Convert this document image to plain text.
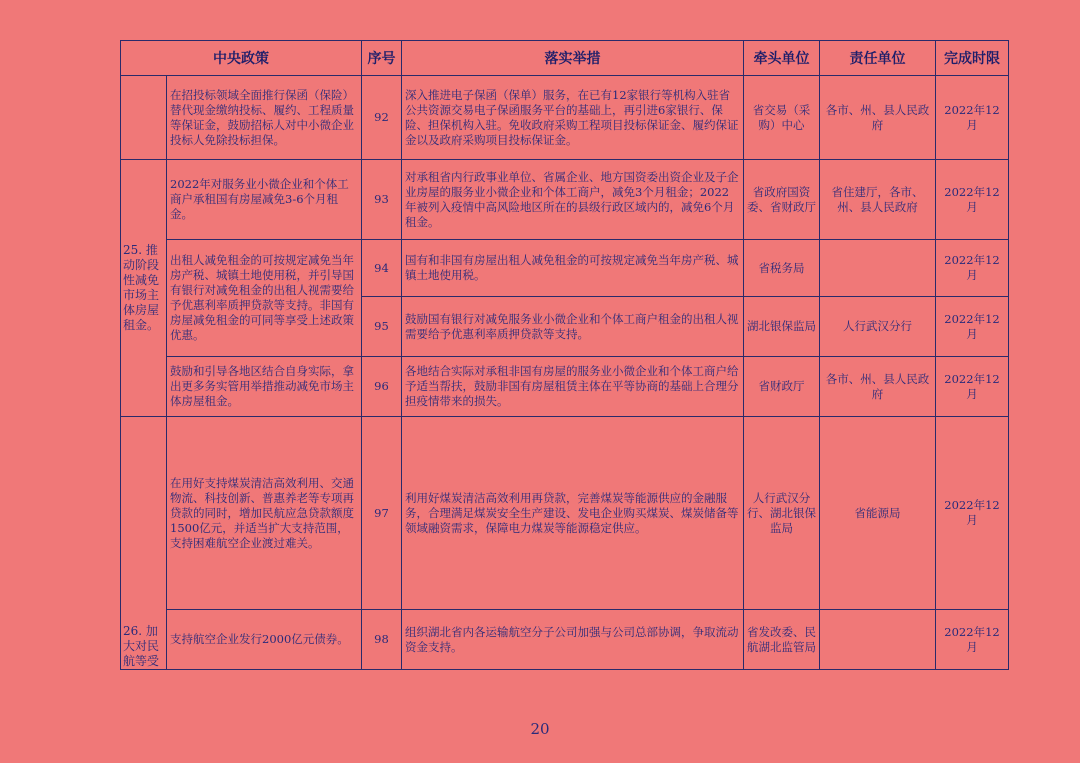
中央政策		序号	落实举措	牵头单位	责任单位	完成时限
	在招投标领域全面推行保函（保险）替代现金缴纳投标、履约、工程质量等保证金，鼓励招标人对中小微企业投标人免除投标担保。	92	深入推进电子保函（保单）服务，在已有12家银行等机构入驻省公共资源交易电子保函服务平台的基础上，再引进6家银行、保险、担保机构入驻。免收政府采购工程项目投标保证金、履约保证金以及政府采购项目投标保证金。	省交易（采购）中心	各市、州、县人民政府	2022年12月
25. 推动阶段性减免市场主体房屋租金。	2022年对服务业小微企业和个体工商户承租国有房屋减免3-6个月租金。	93	对承租省内行政事业单位、省属企业、地方国资委出资企业及子企业房屋的服务业小微企业和个体工商户，减免3个月租金；2022年被列入疫情中高风险地区所在的县级行政区域内的，减免6个月租金。	省政府国资委、省财政厅	省住建厅，各市、州、县人民政府	2022年12月
	出租人减免租金的可按规定减免当年房产税、城镇土地使用税，并引导国有银行对减免租金的出租人视需要给予优惠利率质押贷款等支持。非国有房屋减免租金的可同等享受上述政策优惠。	94	国有和非国有房屋出租人减免租金的可按规定减免当年房产税、城镇土地使用税。	省税务局		2022年12月
		95	鼓励国有银行对减免服务业小微企业和个体工商户租金的出租人视需要给予优惠利率质押贷款等支持。	湖北银保监局	人行武汉分行	2022年12月
	鼓励和引导各地区结合自身实际，拿出更多务实管用举措推动减免市场主体房屋租金。	96	各地结合实际对承租非国有房屋的服务业小微企业和个体工商户给予适当帮扶，鼓励非国有房屋租赁主体在平等协商的基础上合理分担疫情带来的损失。	省财政厅	各市、州、县人民政府	2022年12月
26. 加大对民航等受	在用好支持煤炭清洁高效利用、交通物流、科技创新、普惠养老等专项再贷款的同时，增加民航应急贷款额度1500亿元，并适当扩大支持范围，支持困难航空企业渡过难关。	97	利用好煤炭清洁高效利用再贷款，完善煤炭等能源供应的金融服务，合理满足煤炭安全生产建设、发电企业购买煤炭、煤炭储备等领域融资需求，保障电力煤炭等能源稳定供应。	人行武汉分行、湖北银保监局	省能源局	2022年12月
	支持航空企业发行2000亿元债券。	98	组织湖北省内各运输航空分子公司加强与公司总部协调，争取流动资金支持。	省发改委、民航湖北监管局		2022年12月
20
